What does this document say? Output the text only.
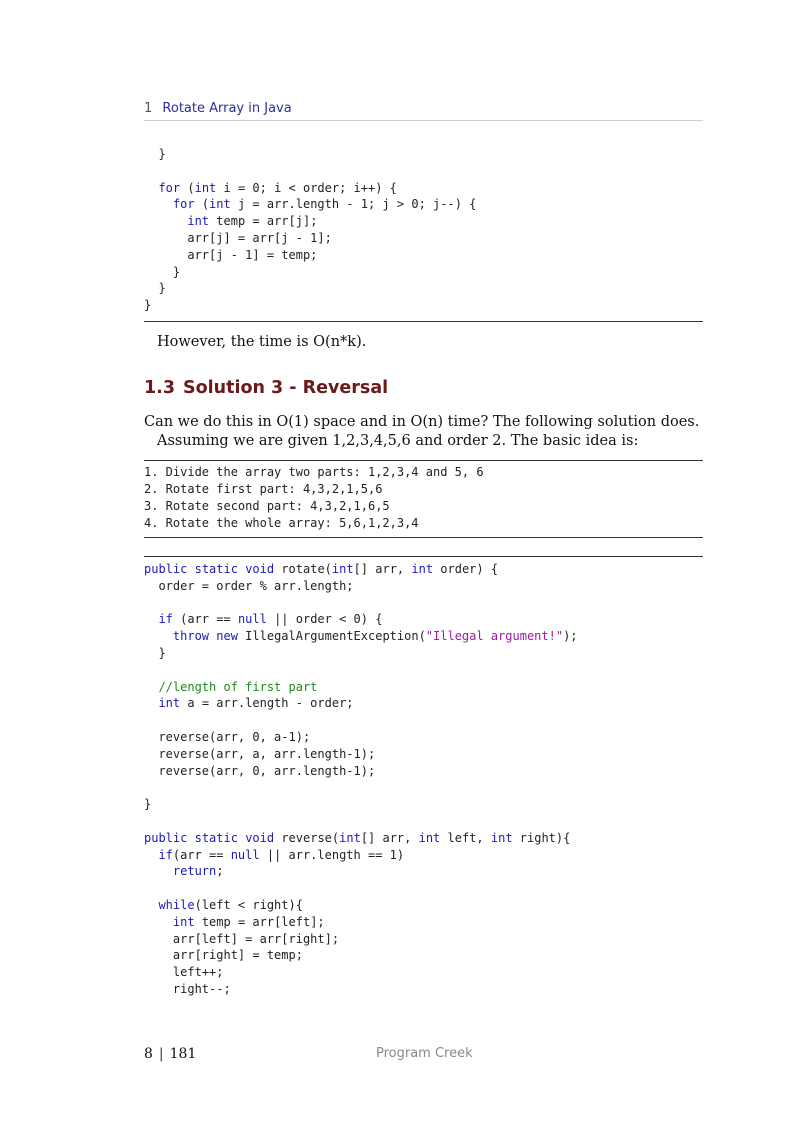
1 Rotate Array in Java
}
for (int i = 0; i < order; i++) {
for (int j = arr.length - 1; j > 0; j--) {
int temp = arr[j];
arr[j] = arr[j - 1];
arr[j - 1] = temp;
}
}
}
However, the time is O(n*k).
1.3 Solution 3 - Reversal
Can we do this in O(1) space and in O(n) time? The following solution does.
Assuming we are given 1,2,3,4,5,6 and order 2. The basic idea is:
1. Divide the array two parts: 1,2,3,4 and 5, 6
2. Rotate first part: 4,3,2,1,5,6
3. Rotate second part: 4,3,2,1,6,5
4. Rotate the whole array: 5,6,1,2,3,4
public static void rotate(int[] arr, int order) {
order = order % arr.length;
if (arr == null || order < 0) {
throw new IllegalArgumentException("Illegal argument!");
}
//length of first part
int a = arr.length - order;
reverse(arr, 0, a-1);
reverse(arr, a, arr.length-1);
reverse(arr, 0, arr.length-1);
}
public static void reverse(int[] arr, int left, int right){
if(arr == null || arr.length == 1)
return;
while(left < right){
int temp = arr[left];
arr[left] = arr[right];
arr[right] = temp;
left++;
right--;
8 | 181	Program Creek
